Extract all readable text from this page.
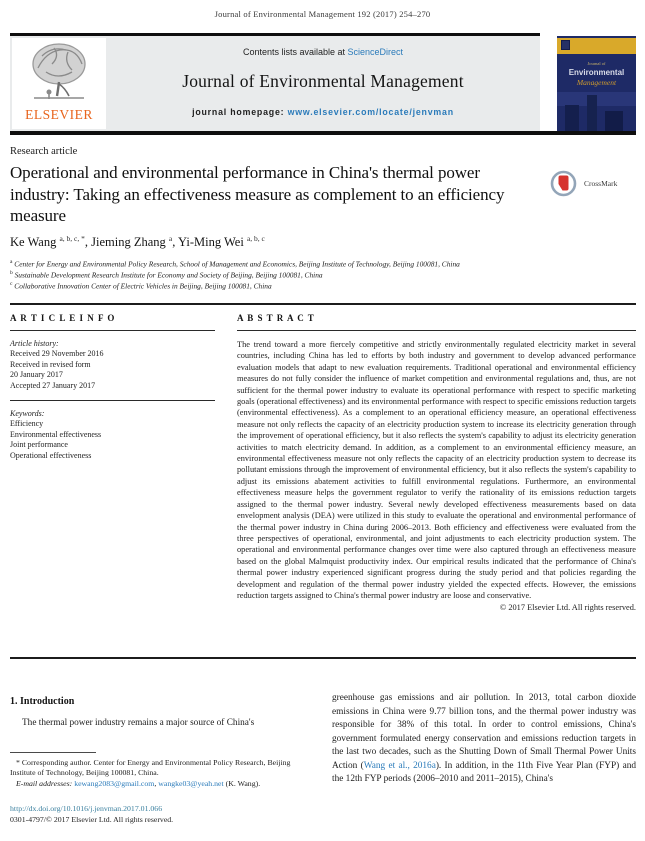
Journal of Environmental Management 192 (2017) 254–270
ELSEVIER
Contents lists available at ScienceDirect
Journal of Environmental Management
journal homepage: www.elsevier.com/locate/jenvman
Journal of
Environmental
Management
Research article
Operational and environmental performance in China's thermal power industry: Taking an effectiveness measure as complement to an efficiency measure
CrossMark
Ke Wang $^{a, b, c, *}$, Jieming Zhang $^a$, Yi-Ming Wei $^{a, b, c}$
$^a$ Center for Energy and Environmental Policy Research, School of Management and Economics, Beijing Institute of Technology, Beijing 100081, China
$^b$ Sustainable Development Research Institute for Economy and Society of Beijing, Beijing 100081, China
$^c$ Collaborative Innovation Center of Electric Vehicles in Beijing, Beijing 100081, China
A R T I C L E I N F O
Article history:
Received 29 November 2016
Received in revised form
20 January 2017
Accepted 27 January 2017
Keywords:
Efficiency
Environmental effectiveness
Joint performance
Operational effectiveness
A B S T R A C T
The trend toward a more fiercely competitive and strictly environmentally regulated electricity market in several countries, including China has led to efforts by both industry and government to develop advanced performance evaluation models that adapt to new evaluation requirements. Traditional operational and environmental efficiency measures do not fully consider the influence of market competition and environmental regulations and, thus, are not sufficient for the thermal power industry to evaluate its operational performance with respect to specific marketing goals (operational effectiveness) and its environmental performance with respect to specific emissions reduction targets (environmental effectiveness). As a complement to an operational efficiency measure, an operational effectiveness measure not only reflects the capacity of an electricity production system to increase its electricity generation through the improvement of operational efficiency, but it also reflects the system's capability to adjust its electricity generation activities to match electricity demand. In addition, as a complement to an environmental efficiency measure, an environmental effectiveness measure not only reflects the capacity of an electricity production system to decrease its pollutant emissions through the improvement of environmental efficiency, but it also reflects the system's capability to adjust its emissions abatement activities to fulfill environmental regulations. Furthermore, an environmental effectiveness measure helps the government regulator to verify the rationality of its emissions reduction targets assigned to the thermal power industry. Several newly developed effectiveness measurements based on data envelopment analysis (DEA) were utilized in this study to evaluate the operational and environmental performance of the thermal power industry in China during 2006–2013. Both efficiency and effectiveness were evaluated from the three perspectives of operational, environmental, and joint adjustments to each electricity production system. The operational and environmental performance changes over time were also captured through an effectiveness measure based on the global Malmquist productivity index. Our empirical results indicated that the performance of China's thermal power industry experienced significant progress during the study period and that policies regarding the development and regulation of the thermal power industry yielded the expected effects. However, the emissions reduction targets assigned to China's thermal power industry are loose and conservative.
© 2017 Elsevier Ltd. All rights reserved.
1. Introduction

The thermal power industry remains a major source of China's

greenhouse gas emissions and air pollution. In 2013, total carbon dioxide emissions in China were 9.77 billion tons, and the thermal power industry was responsible for 38% of this total. In order to control emissions, China's government formulated energy conservation and emissions reduction targets in the last two decades, such as the Shutting Down of Small Thermal Power Units Action (Wang et al., 2016a). In addition, in the 11th Five Year Plan (FYP) and the 12th FYP periods (2006–2010 and 2011–2015), China's

* Corresponding author. Center for Energy and Environmental Policy Research, Beijing Institute of Technology, Beijing 100081, China.
E-mail addresses: kewang2083@gmail.com, wangke03@yeah.net (K. Wang).
http://dx.doi.org/10.1016/j.jenvman.2017.01.066
0301-4797/© 2017 Elsevier Ltd. All rights reserved.
